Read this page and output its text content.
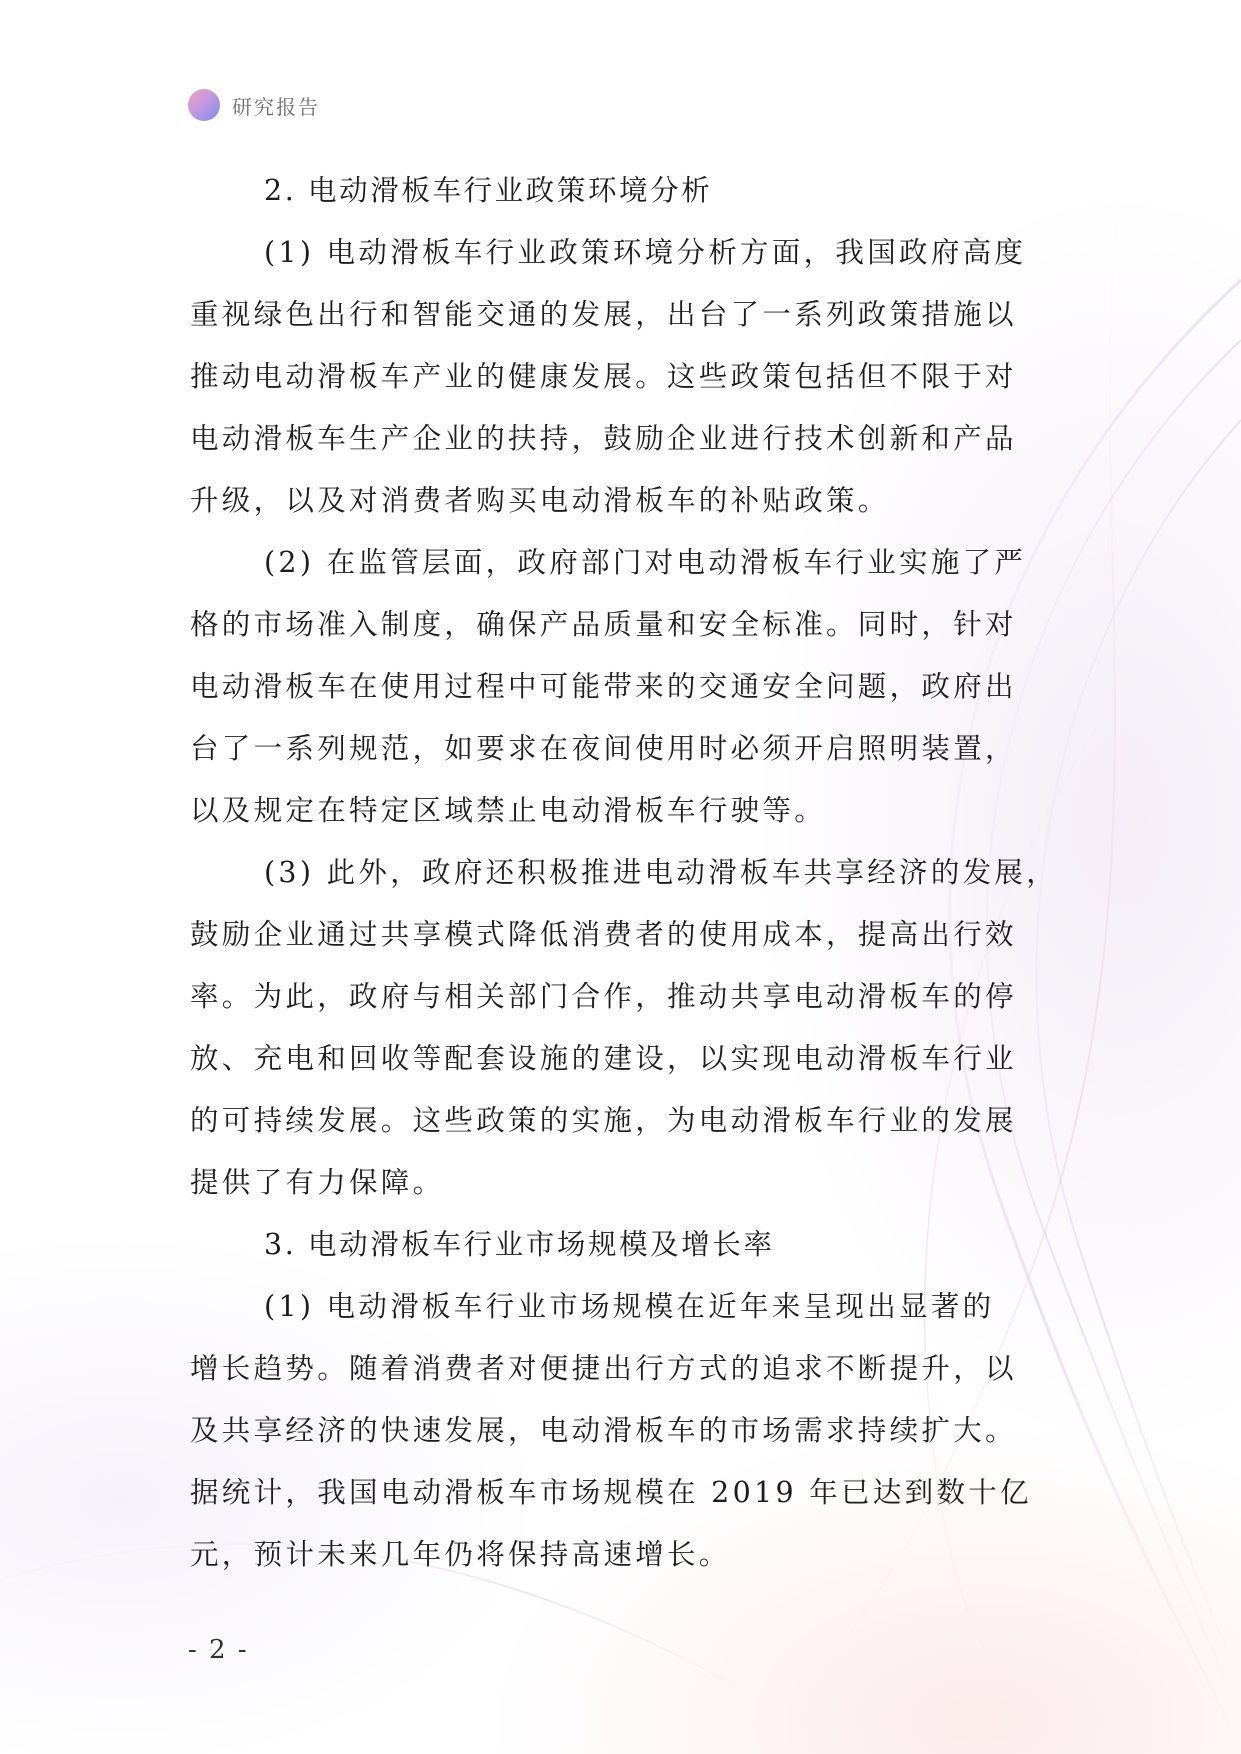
研究报告
2. 电动滑板车行业政策环境分析
(1) 电动滑板车行业政策环境分析方面，我国政府高度
重视绿色出行和智能交通的发展，出台了一系列政策措施以
推动电动滑板车产业的健康发展。这些政策包括但不限于对
电动滑板车生产企业的扶持，鼓励企业进行技术创新和产品
升级，以及对消费者购买电动滑板车的补贴政策。
(2) 在监管层面，政府部门对电动滑板车行业实施了严
格的市场准入制度，确保产品质量和安全标准。同时，针对
电动滑板车在使用过程中可能带来的交通安全问题，政府出
台了一系列规范，如要求在夜间使用时必须开启照明装置，
以及规定在特定区域禁止电动滑板车行驶等。
(3) 此外，政府还积极推进电动滑板车共享经济的发展，
鼓励企业通过共享模式降低消费者的使用成本，提高出行效
率。为此，政府与相关部门合作，推动共享电动滑板车的停
放、充电和回收等配套设施的建设，以实现电动滑板车行业
的可持续发展。这些政策的实施，为电动滑板车行业的发展
提供了有力保障。
3. 电动滑板车行业市场规模及增长率
(1) 电动滑板车行业市场规模在近年来呈现出显著的
增长趋势。随着消费者对便捷出行方式的追求不断提升，以
及共享经济的快速发展，电动滑板车的市场需求持续扩大。
据统计，我国电动滑板车市场规模在 2019 年已达到数十亿
元，预计未来几年仍将保持高速增长。
- 2 -
